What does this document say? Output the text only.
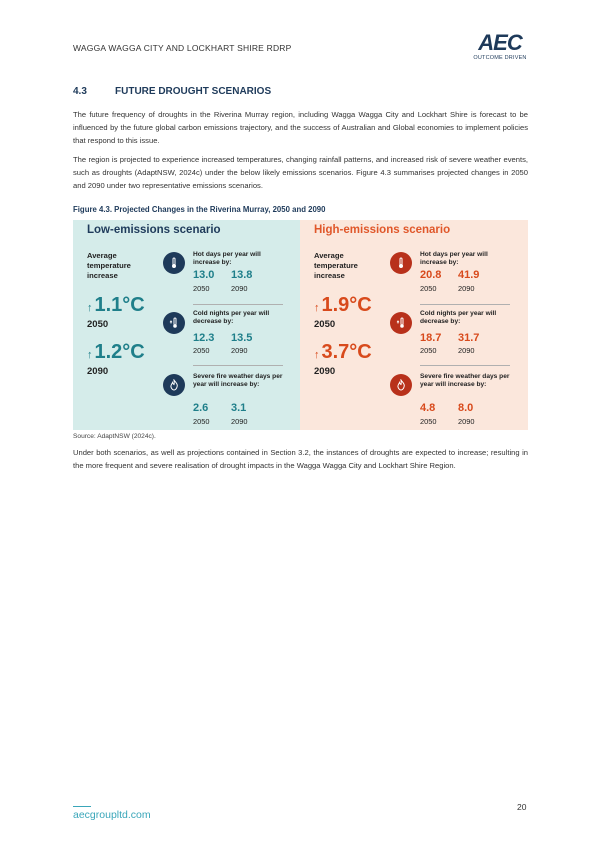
WAGGA WAGGA CITY AND LOCKHART SHIRE RDRP	AEC
OUTCOME DRIVEN
4.3	FUTURE DROUGHT SCENARIOS

The future frequency of droughts in the Riverina Murray region, including Wagga Wagga City and Lockhart Shire is forecast to be influenced by the future global carbon emissions trajectory, and the success of Australian and Global economies to implement policies that respond to this issue.

The region is projected to experience increased temperatures, changing rainfall patterns, and increased risk of severe weather events, such as droughts (AdaptNSW, 2024c) under the below likely emissions scenarios. Figure 4.3 summarises projected changes in 2050 and 2090 under two representative emissions scenarios.

Figure 4.3. Projected Changes in the Riverina Murray, 2050 and 2090
Low-emissions scenario
Average temperature increase
↑ 1.1°C
2050
↑ 1.2°C
2090
Hot days per year will increase by:
13.0 13.8
2050	2090
Cold nights per year will decrease by:
12.3 13.5
2050	2090
Severe fire weather days per year will increase by:
2.6 3.1
2050	2090
High-emissions scenario
Average temperature increase
↑ 1.9°C
2050
↑ 3.7°C
2090
Hot days per year will increase by:
20.8 41.9
2050	2090
Cold nights per year will decrease by:
18.7 31.7
2050	2090
Severe fire weather days per year will increase by:
4.8 8.0
2050	2090
Source: AdaptNSW (2024c).

Under both scenarios, as well as projections contained in Section 3.2, the instances of droughts are expected to increase; resulting in the more frequent and severe realisation of drought impacts in the Wagga Wagga City and Lockhart Shire Region.

aecgroupltd.com
20
